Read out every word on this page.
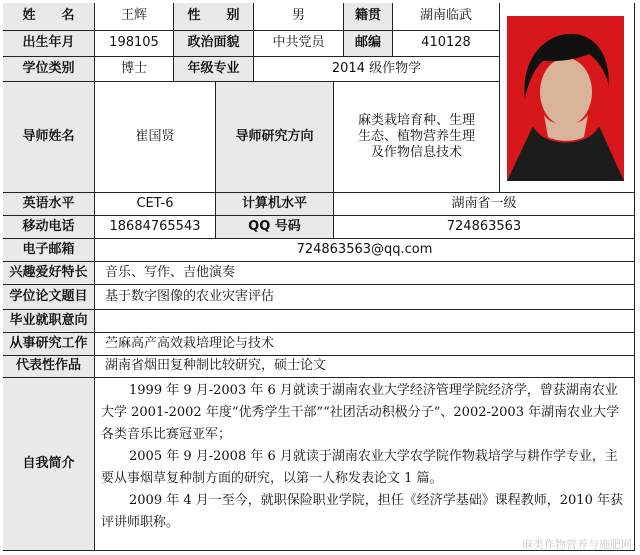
姓　　名	王辉	性　　别	男	籍贯	湖南临武
出生年月	198105	政治面貌	中共党员	邮编	410128
学位类别	博士	年级专业	2014 级作物学
导师姓名	崔国贤	导师研究方向
麻类栽培育种、生理
生态、植物营养生理
及作物信息技术
英语水平	CET-6	计算机水平	湖南省一级
移动电话	18684765543	QQ 号码	724863563
电子邮箱	724863563@qq.com
兴趣爱好特长	音乐、写作、吉他演奏
学位论文题目	基于数字图像的农业灾害评估
毕业就职意向
从事研究工作	苎麻高产高效栽培理论与技术
代表性作品	湖南省烟田复种制比较研究，硕士论文
自我简介

1999 年 9 月-2003 年 6 月就读于湖南农业大学经济管理学院经济学，曾获湖南农业大学 2001-2002 年度“优秀学生干部”“社团活动积极分子”、2002-2003 年湖南农业大学各类音乐比赛冠亚军；

2005 年 9 月-2008 年 6 月就读于湖南农业大学农学院作物栽培学与耕作学专业，主要从事烟草复种制方面的研究，以第一人称发表论文 1 篇。

2009 年 4 月一至今，就职保险职业学院，担任《经济学基础》课程教师，2010 年获评讲师职称。

麻类作物营养与施肥网
